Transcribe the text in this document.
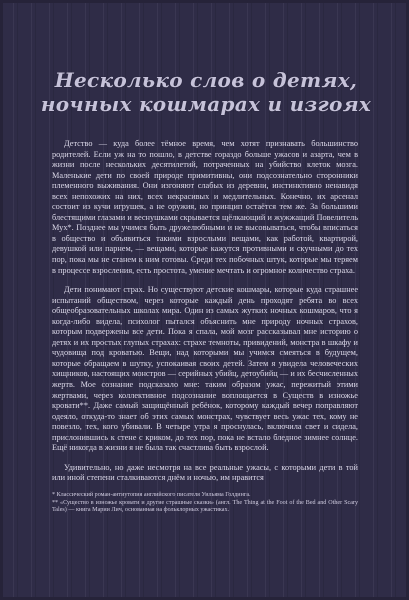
Несколько слов о детях,
ночных кошмарах и изгоях

Детство — куда более тёмное время, чем хотят признавать большинство родителей. Если уж на то пошло, в детстве гораздо больше ужасов и азарта, чем в жизни после нескольких десятилетий, потраченных на убийство клеток мозга. Маленькие дети по своей природе примитивны, они подсознательно сторонники племенного выживания. Они изгоняют слабых из деревни, инстинктивно ненавидя всех непохожих на них, всех некрасивых и медлительных. Конечно, их арсенал состоит из кучи игрушек, а не оружия, но принцип остаётся тем же. За большими блестящими глазами и веснушками скрывается щёлкающий и жужжащий Повелитель Мух*. Позднее мы учимся быть дружелюбными и не высовываться, чтобы вписаться в общество и объявиться такими взрослыми вещами, как работой, квартирой, девушкой или парнем, — вещами, которые кажутся противными и скучными до тех пор, пока мы не станем к ним готовы. Среди тех побочных штук, которые мы теряем в процессе взросления, есть простота, умение мечтать и огромное количество страха.

Дети понимают страх. Но существуют детские кошмары, которые куда страшнее испытаний обществом, через которые каждый день проходят ребята во всех общеобразовательных школах мира. Один из самых жутких ночных кошмаров, что я когда-либо видела, психолог пытался объяснить мне природу ночных страхов, которым подвержены все дети. Пока я спала, мой мозг рассказывал мне историю о детях и их простых глупых страхах: страхе темноты, привидений, монстра в шкафу и чудовища под кроватью. Вещи, над которыми мы учимся смеяться в будущем, которые обращаем в шутку, успокаивая своих детей. Затем я увидела человеческих хищников, настоящих монстров — серийных убийц, детоубийц — и их бесчисленных жертв. Мое сознание подсказало мне: таким образом ужас, пережитый этими жертвами, через коллективное подсознание воплощается в Существ в изножье кровати**. Даже самый защищённый ребёнок, которому каждый вечер поправляют одеяло, откуда-то знает об этих самых монстрах, чувствует весь ужас тех, кому не повезло, тех, кого убивали. В четыре утра я проснулась, включила свет и сидела, прислонившись к стене с криком, до тех пор, пока не встало бледное зимнее солнце. Ещё никогда в жизни я не была так счастлива быть взрослой.

Удивительно, но даже несмотря на все реальные ужасы, с которыми дети в той или иной степени сталкиваются днём и ночью, им нравится

* Классический роман-антиутопия английского писателя Уильяма Голдинга.

** «Существо в изножье кровати и другие страшные сказки» (англ. The Thing at the Foot of the Bed and Other Scary Tales) — книга Марии Лич, основанная на фольклорных ужастиках.
